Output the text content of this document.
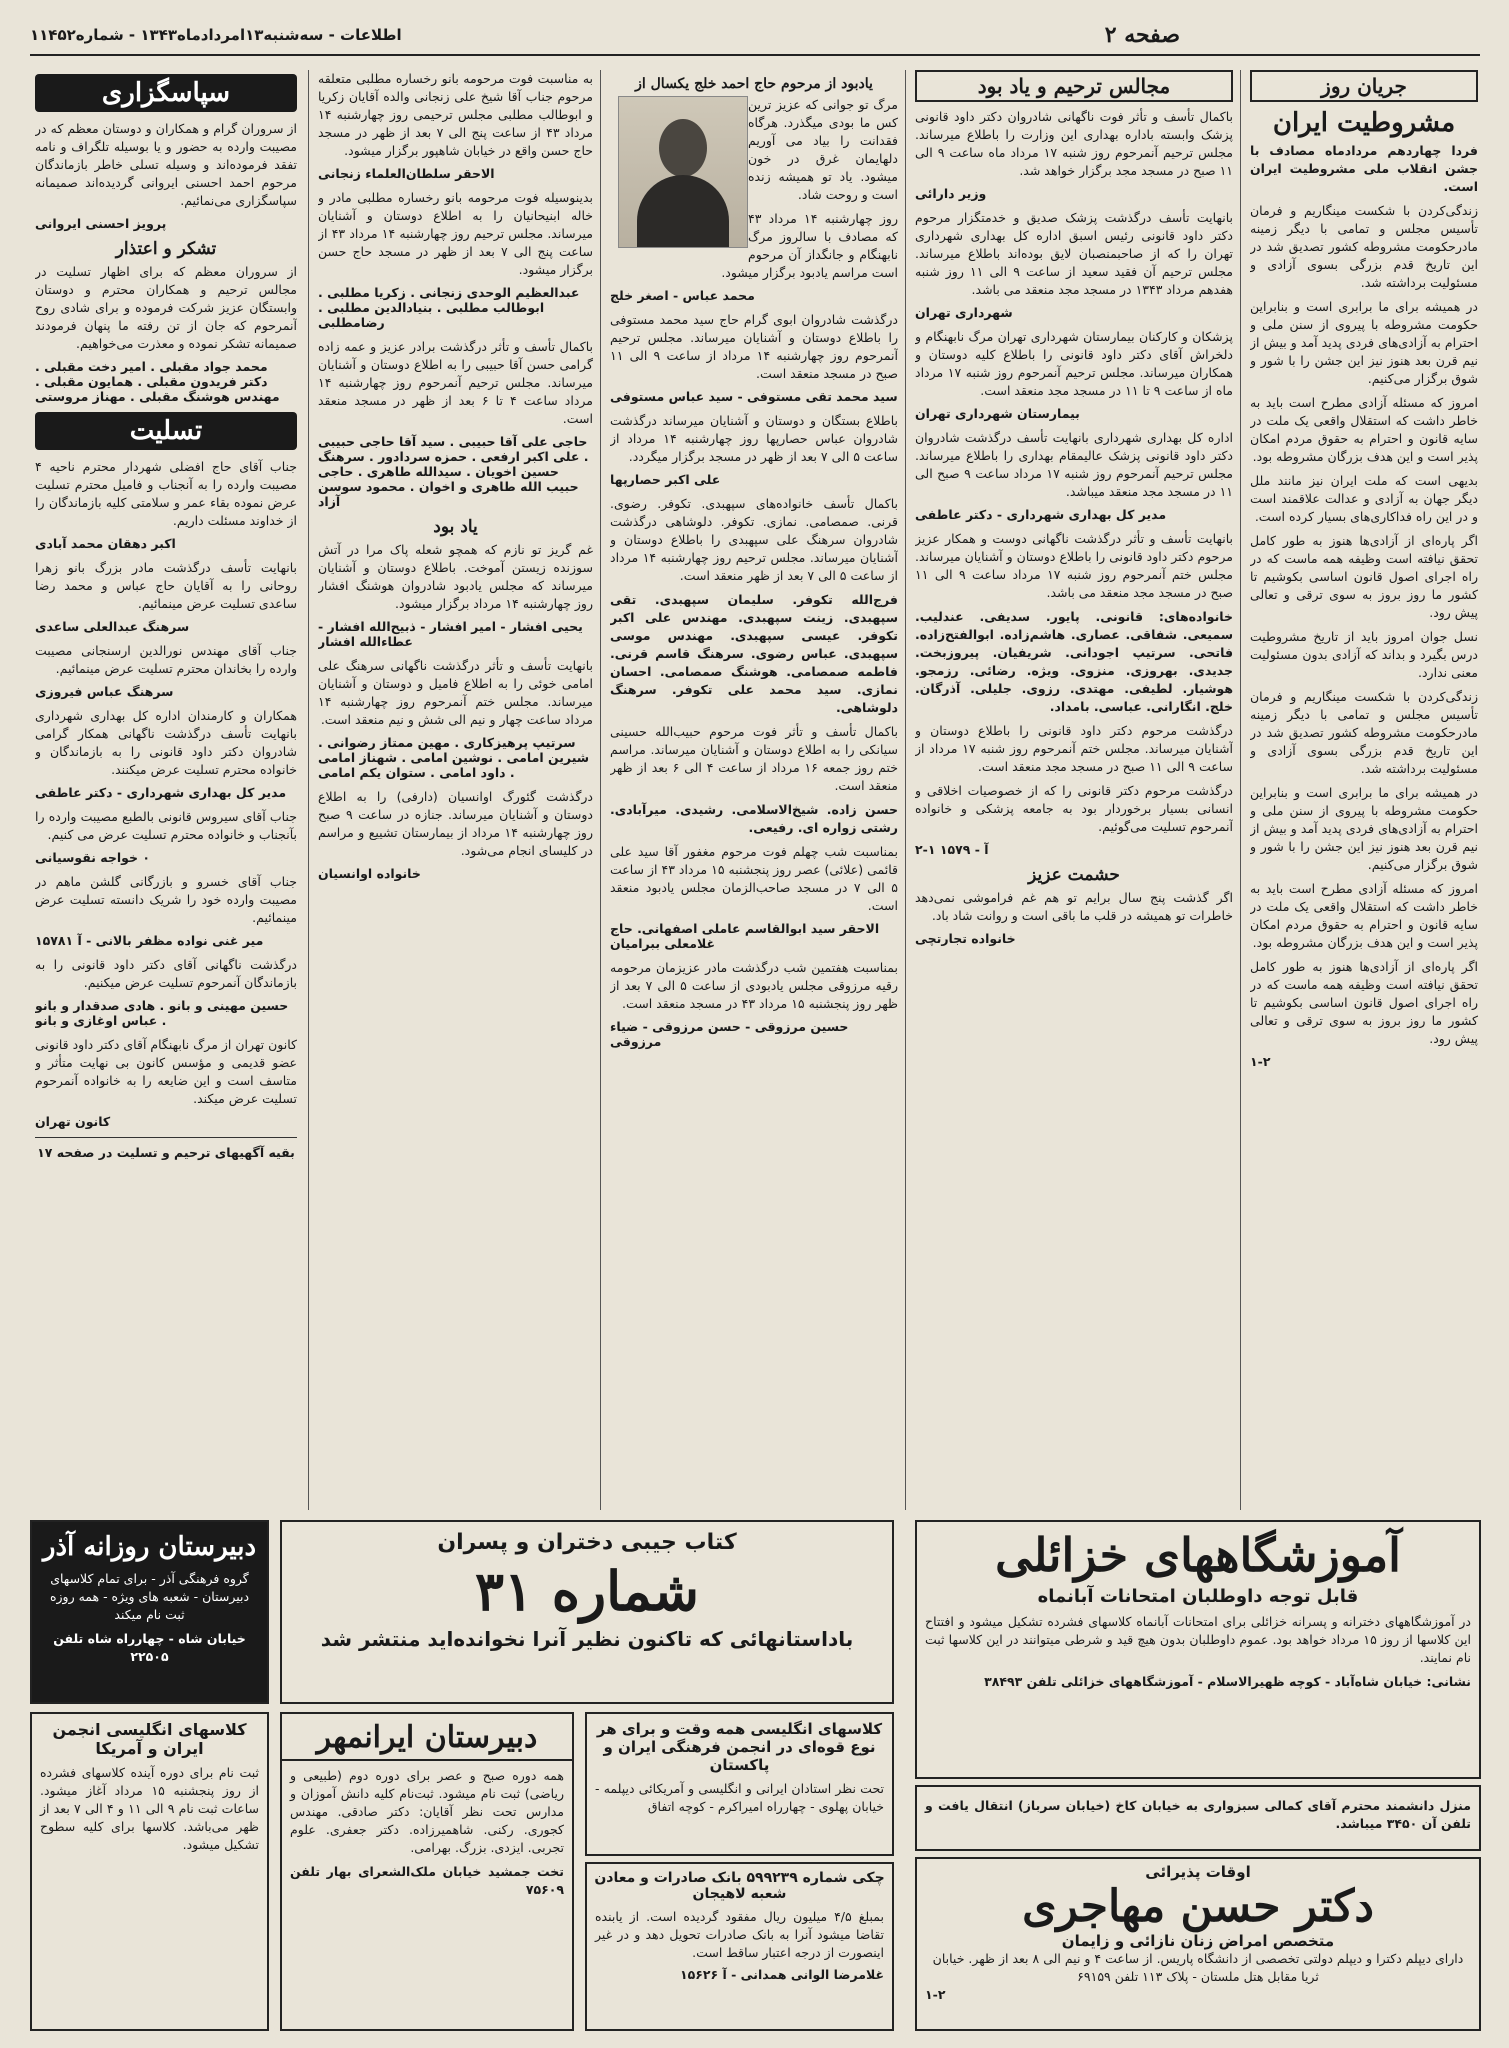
صفحه ۲
اطلاعات - سه‌شنبه۱۳امردادماه۱۳۴۳ - شماره۱۱۴۵۲
جریان روز
مشروطیت ایران

فردا چهاردهم مردادماه مصادف با جشن انقلاب ملی مشروطیت ایران است.

زندگی‌کردن با شکست مینگاریم و فرمان تأسیس مجلس و تمامی با دیگر زمینه مادرحکومت مشروطه کشور تصدیق شد در این تاریخ قدم بزرگی بسوی آزادی و مسئولیت برداشته شد.

در همیشه برای ما برابری است و بنابراین حکومت مشروطه با پیروی از سنن ملی و احترام به آزادی‌های فردی پدید آمد و بیش از نیم قرن بعد هنوز نیز این جشن را با شور و شوق برگزار می‌کنیم.

امروز که مسئله آزادی مطرح است باید به خاطر داشت که استقلال واقعی یک ملت در سایه قانون و احترام به حقوق مردم امکان پذیر است و این هدف بزرگان مشروطه بود.

بدیهی است که ملت ایران نیز مانند ملل دیگر جهان به آزادی و عدالت علاقمند است و در این راه فداکاری‌های بسیار کرده است.

اگر پاره‌ای از آزادی‌ها هنوز به طور کامل تحقق نیافته است وظیفه همه ماست که در راه اجرای اصول قانون اساسی بکوشیم تا کشور ما روز بروز به سوی ترقی و تعالی پیش رود.

نسل جوان امروز باید از تاریخ مشروطیت درس بگیرد و بداند که آزادی بدون مسئولیت معنی ندارد.

زندگی‌کردن با شکست مینگاریم و فرمان تأسیس مجلس و تمامی با دیگر زمینه مادرحکومت مشروطه کشور تصدیق شد در این تاریخ قدم بزرگی بسوی آزادی و مسئولیت برداشته شد.

در همیشه برای ما برابری است و بنابراین حکومت مشروطه با پیروی از سنن ملی و احترام به آزادی‌های فردی پدید آمد و بیش از نیم قرن بعد هنوز نیز این جشن را با شور و شوق برگزار می‌کنیم.

امروز که مسئله آزادی مطرح است باید به خاطر داشت که استقلال واقعی یک ملت در سایه قانون و احترام به حقوق مردم امکان پذیر است و این هدف بزرگان مشروطه بود.

اگر پاره‌ای از آزادی‌ها هنوز به طور کامل تحقق نیافته است وظیفه همه ماست که در راه اجرای اصول قانون اساسی بکوشیم تا کشور ما روز بروز به سوی ترقی و تعالی پیش رود.

۱-۲
مجالس ترحیم و یاد بود

باکمال تأسف و تأثر فوت ناگهانی شادروان دکتر داود قانونی پزشک وابسته باداره بهداری این وزارت را باطلاع میرساند. مجلس ترحیم آنمرحوم روز شنبه ۱۷ مرداد ماه ساعت ۹ الی ۱۱ صبح در مسجد مجد برگزار خواهد شد.

وزیر دارائی

بانهایت تأسف درگذشت پزشک صدیق و خدمتگزار مرحوم دکتر داود قانونی رئیس اسبق اداره کل بهداری شهرداری تهران را که از صاحبمنصبان لایق بوده‌اند باطلاع میرساند. مجلس ترحیم آن فقید سعید از ساعت ۹ الی ۱۱ روز شنبه هفدهم مرداد ۱۳۴۳ در مسجد مجد منعقد می باشد.

شهرداری تهران

پزشکان و کارکنان بیمارستان شهرداری تهران مرگ نابهنگام و دلخراش آقای دکتر داود قانونی را باطلاع کلیه دوستان و همکاران میرساند. مجلس ترحیم آنمرحوم روز شنبه ۱۷ مرداد ماه از ساعت ۹ تا ۱۱ در مسجد مجد منعقد است.

بیمارستان شهرداری تهران

اداره کل بهداری شهرداری بانهایت تأسف درگذشت شادروان دکتر داود قانونی پزشک عالیمقام بهداری را باطلاع میرساند. مجلس ترحیم آنمرحوم روز شنبه ۱۷ مرداد ساعت ۹ صبح الی ۱۱ در مسجد مجد منعقد میباشد.

مدیر کل بهداری شهرداری - دکتر عاطفی

بانهایت تأسف و تأثر درگذشت ناگهانی دوست و همکار عزیز مرحوم دکتر داود قانونی را باطلاع دوستان و آشنایان میرساند. مجلس ختم آنمرحوم روز شنبه ۱۷ مرداد ساعت ۹ الی ۱۱ صبح در مسجد مجد منعقد می باشد.

خانواده‌های: قانونی. پایور. سدیفی. عندلیب. سمیعی. شفاقی. عصاری. هاشم‌زاده. ابوالفتح‌زاده. فاتحی. سرتیپ اجودانی. شریفیان. پیروزبخت. جدیدی. بهروزی. منزوی. ویژه. رضائی. رزمجو. هوشیار. لطیفی. مهتدی. رزوی. جلیلی. آذرگان. خلج. انگارانی. عباسی. بامداد.

درگذشت مرحوم دکتر داود قانونی را باطلاع دوستان و آشنایان میرساند. مجلس ختم آنمرحوم روز شنبه ۱۷ مرداد از ساعت ۹ الی ۱۱ صبح در مسجد مجد منعقد است.

درگذشت مرحوم دکتر قانونی را که از خصوصیات اخلاقی و انسانی بسیار برخوردار بود به جامعه پزشکی و خانواده آنمرحوم تسلیت می‌گوئیم.

آ - ۱۵۷۹ ۱-۲
حشمت عزیز

اگر گذشت پنج سال برایم تو هم غم فراموشی نمی‌دهد خاطرات تو همیشه در قلب ما باقی است و روانت شاد باد.

خانواده تجارتچی
یادبود از مرحوم حاج احمد خلج یکسال از

مرگ تو جوانی که عزیز ترین کس ما بودی میگذرد. هرگاه فقدانت را بیاد می آوریم دلهایمان غرق در خون میشود. یاد تو همیشه زنده است و روحت شاد.

روز چهارشنبه ۱۴ مرداد ۴۳ که مصادف با سالروز مرگ نابهنگام و جانگداز آن مرحوم است مراسم یادبود برگزار میشود.

محمد عباس - اصغر خلج

درگذشت شادروان ابوی گرام حاج سید محمد مستوفی را باطلاع دوستان و آشنایان میرساند. مجلس ترحیم آنمرحوم روز چهارشنبه ۱۴ مرداد از ساعت ۹ الی ۱۱ صبح در مسجد منعقد است.

سید محمد تقی مستوفی - سید عباس مستوفی

باطلاع بستگان و دوستان و آشنایان میرساند درگذشت شادروان عباس حصارپها روز چهارشنبه ۱۴ مرداد از ساعت ۵ الی ۷ بعد از ظهر در مسجد برگزار میگردد.

علی اکبر حصارپها

باکمال تأسف خانواده‌های سپهبدی. تکوفر. رضوی. قرنی. صمصامی. نمازی. تکوفر. دلوشاهی درگذشت شادروان سرهنگ علی سپهبدی را باطلاع دوستان و آشنایان میرساند. مجلس ترحیم روز چهارشنبه ۱۴ مرداد از ساعت ۵ الی ۷ بعد از ظهر منعقد است.

فرج‌الله تکوفر. سلیمان سپهبدی. تقی سپهبدی. زینت سپهبدی. مهندس علی اکبر تکوفر. عیسی سپهبدی. مهندس موسی سپهبدی. عباس رضوی. سرهنگ قاسم قرنی. فاطمه صمصامی. هوشنگ صمصامی. احسان نمازی. سید محمد علی تکوفر. سرهنگ دلوشاهی.

باکمال تأسف و تأثر فوت مرحوم حبیب‌الله حسینی سیانکی را به اطلاع دوستان و آشنایان میرساند. مراسم ختم روز جمعه ۱۶ مرداد از ساعت ۴ الی ۶ بعد از ظهر منعقد است.

حسن زاده. شیخ‌الاسلامی. رشیدی. میرآبادی. رشتی زواره ای. رفیعی.

بمناسبت شب چهلم فوت مرحوم مغفور آقا سید علی قائمی (علائی) عصر روز پنجشنبه ۱۵ مرداد ۴۳ از ساعت ۵ الی ۷ در مسجد صاحب‌الزمان مجلس یادبود منعقد است.

الاحقر سید ابوالقاسم عاملی اصفهانی. حاج غلامعلی ببرامیان

بمناسبت هفتمین شب درگذشت مادر عزیزمان مرحومه رقیه مرزوقی مجلس یادبودی از ساعت ۵ الی ۷ بعد از ظهر روز پنجشنبه ۱۵ مرداد ۴۳ در مسجد منعقد است.

حسین مرزوقی - حسن مرزوقی - ضیاء مرزوقی

به مناسبت فوت مرحومه بانو رخساره مطلبی متعلقه مرحوم جناب آقا شیخ علی زنجانی والده آقایان زکریا و ابوطالب مطلبی مجلس ترحیمی روز چهارشنبه ۱۴ مرداد ۴۳ از ساعت پنج الی ۷ بعد از ظهر در مسجد حاج حسن واقع در خیابان شاهپور برگزار میشود.

الاحقر سلطان‌العلماء زنجانی

بدینوسیله فوت مرحومه بانو رخساره مطلبی مادر و خاله ابنیحانیان را به اطلاع دوستان و آشنایان میرساند. مجلس ترحیم روز چهارشنبه ۱۴ مرداد ۴۳ از ساعت پنج الی ۷ بعد از ظهر در مسجد حاج حسن برگزار میشود.

عبدالعظیم الوحدی زنجانی . زکریا مطلبی . ابوطالب مطلبی . بنیادالدین مطلبی . رضامطلبی

باکمال تأسف و تأثر درگذشت برادر عزیز و عمه زاده گرامی حسن آقا حبیبی را به اطلاع دوستان و آشنایان میرساند. مجلس ترحیم آنمرحوم روز چهارشنبه ۱۴ مرداد ساعت ۴ تا ۶ بعد از ظهر در مسجد منعقد است.

حاجی علی آقا حبیبی . سید آقا حاجی حبیبی . علی اکبر ارفعی . حمزه سردادور . سرهنگ حسین اخویان . سیدالله طاهری . حاجی حبیب الله طاهری و اخوان . محمود سوسن آزاد
یاد بود

غم گریز تو نازم که همچو شعله پاک مرا در آتش سوزنده زیستن آموخت. باطلاع دوستان و آشنایان میرساند که مجلس یادبود شادروان هوشنگ افشار روز چهارشنبه ۱۴ مرداد برگزار میشود.

یحیی افشار - امیر افشار - ذبیح‌الله افشار - عطاءالله افشار

بانهایت تأسف و تأثر درگذشت ناگهانی سرهنگ علی امامی خوئی را به اطلاع فامیل و دوستان و آشنایان میرساند. مجلس ختم آنمرحوم روز چهارشنبه ۱۴ مرداد ساعت چهار و نیم الی شش و نیم منعقد است.

سرتیپ پرهیزکاری . مهین ممتاز رضوانی . شیرین امامی . نوشین امامی . شهناز امامی . داود امامی . ستوان یکم امامی

درگذشت گئورگ اوانسیان (دارفی) را به اطلاع دوستان و آشنایان میرساند. جنازه در ساعت ۹ صبح روز چهارشنبه ۱۴ مرداد از بیمارستان تشییع و مراسم در کلیسای انجام می‌شود.

خانواده اوانسیان
سپاسگزاری

از سروران گرام و همکاران و دوستان معظم که در مصیبت وارده به حضور و یا بوسیله تلگراف و نامه تفقد فرموده‌اند و وسیله تسلی خاطر بازماندگان مرحوم احمد احسنی ایروانی گردیده‌اند صمیمانه سپاسگزاری می‌نمائیم.

پرویز احسنی ایروانی
تشکر و اعتذار

از سروران معظم که برای اظهار تسلیت در مجالس ترحیم و همکاران محترم و دوستان وابستگان عزیز شرکت فرموده و برای شادی روح آنمرحوم که جان از تن رفته ما پنهان فرمودند صمیمانه تشکر نموده و معذرت می‌خواهیم.

محمد جواد مقبلی . امیر دخت مقبلی . دکتر فریدون مقبلی . همایون مقبلی . مهندس هوشنگ مقبلی . مهناز مروستی
تسلیت

جناب آقای حاج افضلی شهردار محترم ناحیه ۴ مصیبت وارده را به آنجناب و فامیل محترم تسلیت عرض نموده بقاء عمر و سلامتی کلیه بازماندگان را از خداوند مسئلت داریم.

اکبر دهقان محمد آبادی

بانهایت تأسف درگذشت مادر بزرگ بانو زهرا روحانی را به آقایان حاج عباس و محمد رضا ساعدی تسلیت عرض مینمائیم.

سرهنگ عبدالعلی ساعدی

جناب آقای مهندس نورالدین ارسنجانی مصیبت وارده را بخاندان محترم تسلیت عرض مینمائیم.

سرهنگ عباس فیروزی

همکاران و کارمندان اداره کل بهداری شهرداری بانهایت تأسف درگذشت ناگهانی همکار گرامی شادروان دکتر داود قانونی را به بازماندگان و خانواده محترم تسلیت عرض میکنند.

مدیر کل بهداری شهرداری - دکتر عاطفی

جناب آقای سیروس قانونی بالطبع مصیبت وارده را بآنجناب و خانواده محترم تسلیت عرض می کنیم.

۰ خواجه نقوسیانی

جناب آقای خسرو و بازرگانی گلشن ماهم در مصیبت وارده خود را شریک دانسته تسلیت عرض مینمائیم.

میر غنی نواده مظفر بالانی - آ ۱۵۷۸۱

درگذشت ناگهانی آقای دکتر داود قانونی را به بازماندگان آنمرحوم تسلیت عرض میکنیم.

حسین مهینی و بانو . هادی صدقدار و بانو . عباس اوغازی و بانو

کانون تهران از مرگ نابهنگام آقای دکتر داود قانونی عضو قدیمی و مؤسس کانون بی نهایت متأثر و متاسف است و این ضایعه را به خانواده آنمرحوم تسلیت عرض میکند.

کانون تهران

بقیه آگهیهای ترحیم و تسلیت در صفحه ۱۷

آموزشگاههای خزائلی
قابل توجه داوطلبان امتحانات آبانماه
در آموزشگاههای دخترانه و پسرانه خزائلی برای امتحانات آبانماه کلاسهای فشرده تشکیل میشود و افتتاح این کلاسها از روز ۱۵ مرداد خواهد بود. عموم داوطلبان بدون هیچ قید و شرطی میتوانند در این کلاسها ثبت نام نمایند.
نشانی: خیابان شاه‌آباد - کوچه ظهیرالاسلام - آموزشگاههای خزائلی تلفن ۳۸۴۹۳
کتاب جیبی دختران و پسران
شماره ۳۱
باداستانهائی که تاکنون نظیر آنرا نخوانده‌اید منتشر شد
دبیرستان روزانه آذر
گروه فرهنگی آذر - برای تمام کلاسهای دبیرستان - شعبه های ویژه - همه روزه ثبت نام میکند
خیابان شاه - چهارراه شاه تلفن ۲۲۵۰۵
منزل دانشمند محترم آقای کمالی سبزواری به خیابان کاخ (خیابان سرباز) انتقال یافت و تلفن آن ۳۴۵۰ میباشد.
اوقات پذیرائی
دکتر حسن مهاجری
متخصص امراض زنان نازائی و زایمان
دارای دیپلم دکترا و دیپلم دولتی تخصصی از دانشگاه پاریس. از ساعت ۴ و نیم الی ۸ بعد از ظهر. خیابان ثریا مقابل هتل ملستان - پلاک ۱۱۳ تلفن ۶۹۱۵۹
۱-۲
کلاسهای انگلیسی انجمن ایران و آمریکا
ثبت نام برای دوره آینده کلاسهای فشرده از روز پنجشنبه ۱۵ مرداد آغاز میشود. ساعات ثبت نام ۹ الی ۱۱ و ۴ الی ۷ بعد از ظهر می‌باشد. کلاسها برای کلیه سطوح تشکیل میشود.
دبیرستان ایرانمهر
همه دوره صبح و عصر برای دوره دوم (طبیعی و ریاضی) ثبت نام میشود. ثبت‌نام کلیه دانش آموزان و مدارس تحت نظر آقایان: دکتر صادقی. مهندس کجوری. رکنی. شاهمیرزاده. دکتر جعفری. علوم تجربی. ایزدی. بزرگ. بهرامی.
تخت جمشید خیابان ملک‌الشعرای بهار تلفن ۷۵۶۰۹
کلاسهای انگلیسی همه وقت و برای هر نوع قوه‌ای در انجمن فرهنگی ایران و پاکستان
تحت نظر استادان ایرانی و انگلیسی و آمریکائی دیپلمه - خیابان پهلوی - چهارراه امیراکرم - کوچه اتفاق
چکی شماره ۵۹۹۲۳۹ بانک صادرات و معادن شعبه لاهیجان
بمبلغ ۴/۵ میلیون ریال مفقود گردیده است. از یابنده تقاضا میشود آنرا به بانک صادرات تحویل دهد و در غیر اینصورت از درجه اعتبار ساقط است.
غلامرضا الوانی همدانی - آ ۱۵۶۲۶
